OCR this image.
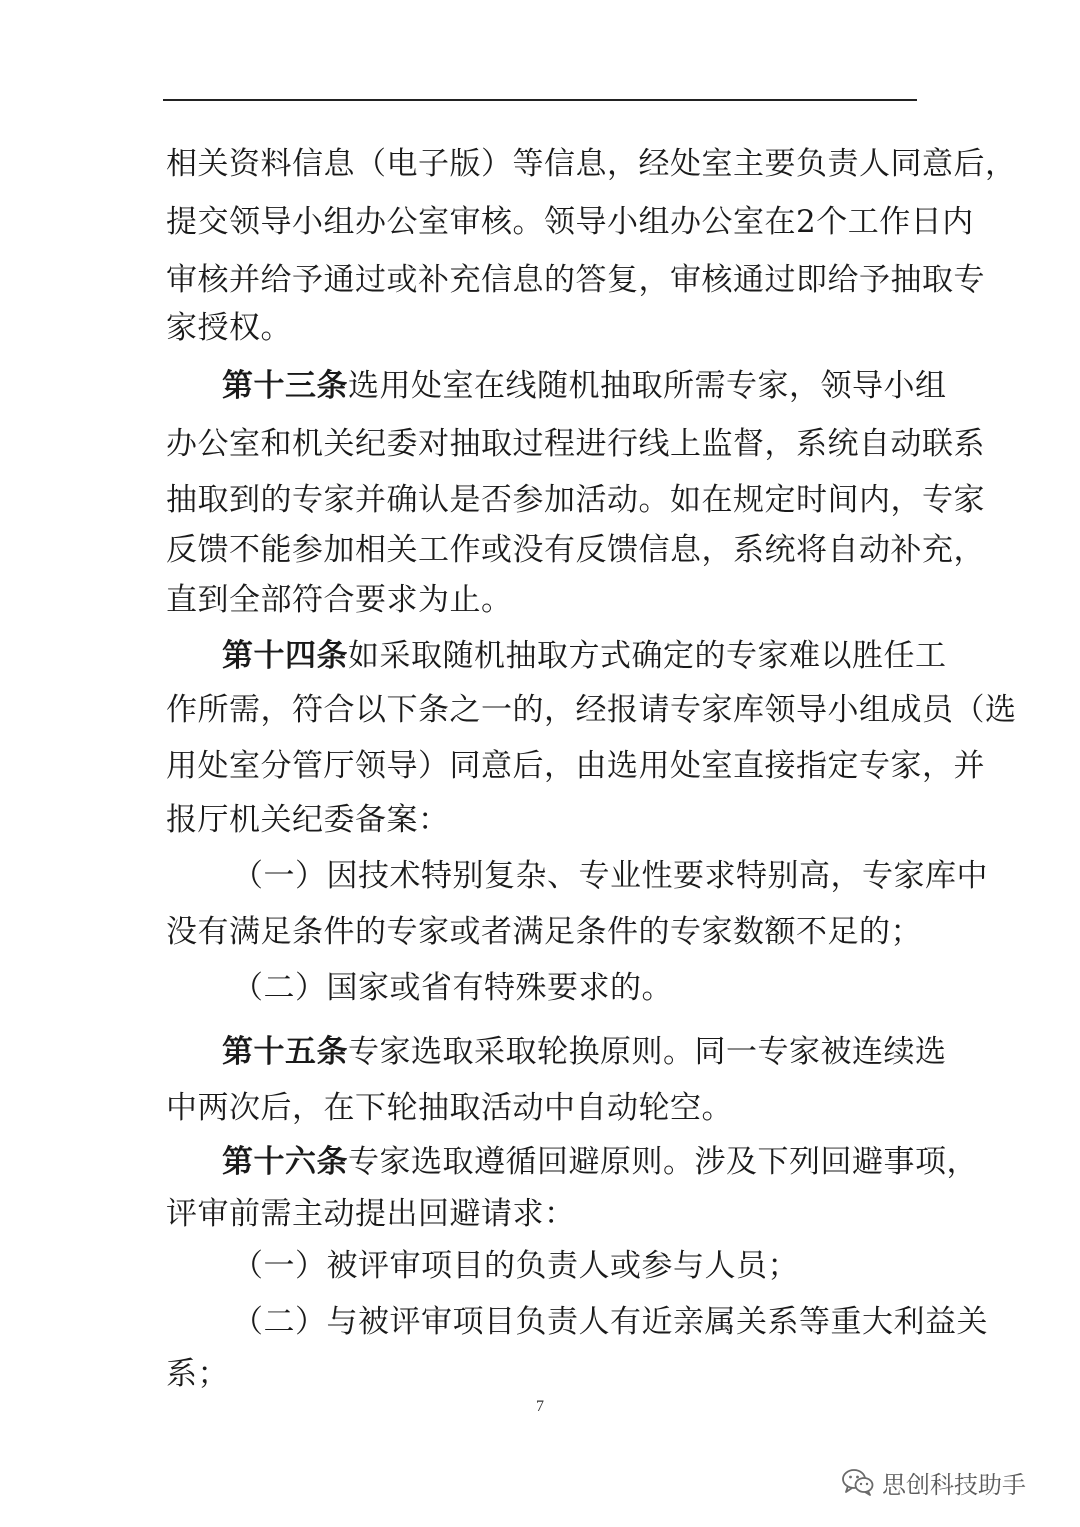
相关资料信息（电子版）等信息，经处室主要负责人同意后，
提交领导小组办公室审核。领导小组办公室在2个工作日内
审核并给予通过或补充信息的答复，审核通过即给予抽取专
家授权。
第十三条 选用处室在线随机抽取所需专家，领导小组
办公室和机关纪委对抽取过程进行线上监督，系统自动联系
抽取到的专家并确认是否参加活动。如在规定时间内，专家
反馈不能参加相关工作或没有反馈信息，系统将自动补充，
直到全部符合要求为止。
第十四条 如采取随机抽取方式确定的专家难以胜任工
作所需，符合以下条之一的，经报请专家库领导小组成员（选
用处室分管厅领导）同意后，由选用处室直接指定专家，并
报厅机关纪委备案：
（一）因技术特别复杂、专业性要求特别高，专家库中
没有满足条件的专家或者满足条件的专家数额不足的；
（二）国家或省有特殊要求的。
第十五条 专家选取采取轮换原则。同一专家被连续选
中两次后，在下轮抽取活动中自动轮空。
第十六条 专家选取遵循回避原则。涉及下列回避事项，
评审前需主动提出回避请求：
（一）被评审项目的负责人或参与人员；
（二）与被评审项目负责人有近亲属关系等重大利益关
系；
7
思创科技助手
